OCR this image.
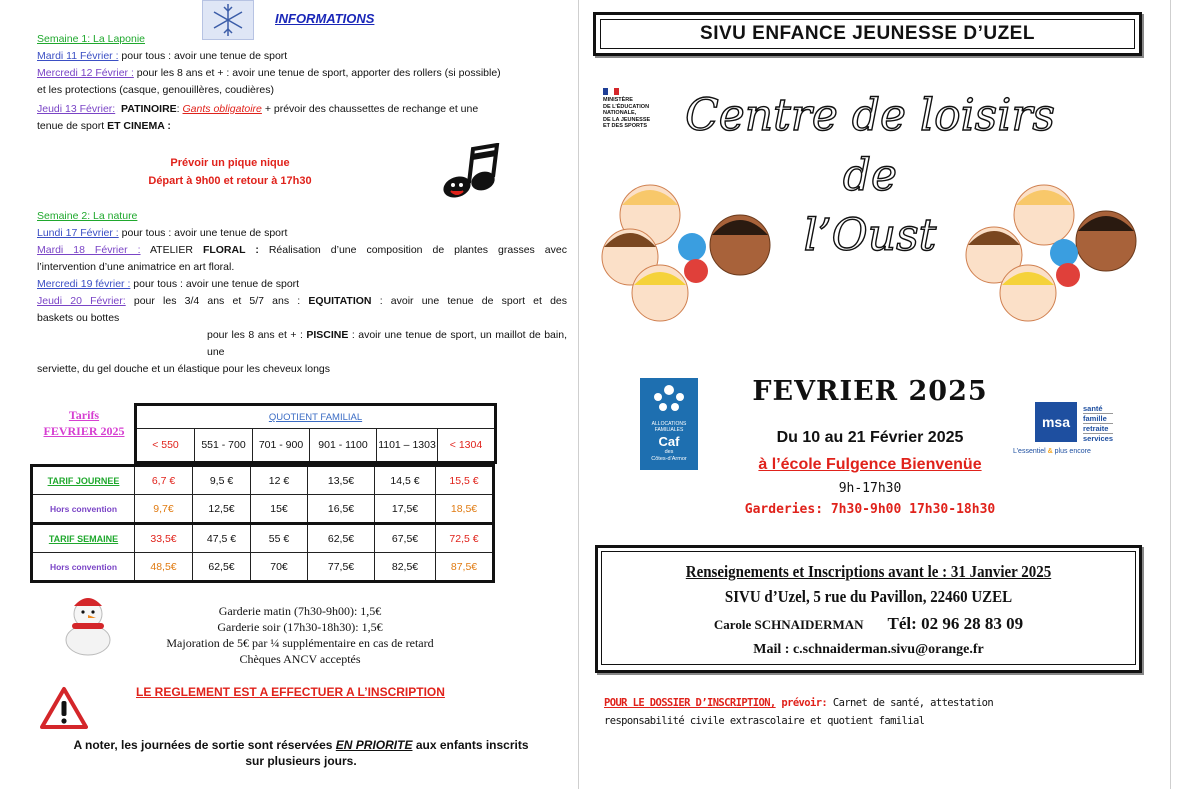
INFORMATIONS
Semaine 1: La Laponie
Mardi 11 Février : pour tous : avoir une tenue de sport
Mercredi 12 Février : pour les 8 ans et + : avoir une tenue de sport, apporter des rollers (si possible)
et les protections (casque, genouillères, coudières)
Jeudi 13 Février: PATINOIRE: Gants obligatoire + prévoir des chaussettes de rechange et une
tenue de sport ET CINEMA :
Prévoir un pique nique
Départ à 9h00 et retour à 17h30
Semaine 2: La nature
Lundi 17 Février : pour tous : avoir une tenue de sport
Mardi 18 Février : ATELIER FLORAL : Réalisation d’une composition de plantes grasses avec
l’intervention d’une animatrice en art floral.
Mercredi 19 février : pour tous : avoir une tenue de sport
Jeudi 20 Février: pour les 3/4 ans et 5/7 ans : EQUITATION : avoir une tenue de sport et des
baskets ou bottes
pour les 8 ans et + : PISCINE : avoir une tenue de sport, un maillot de bain, une
serviette, du gel douche et un élastique pour les cheveux longs
Tarifs
FEVRIER 2025
QUOTIENT FAMILIAL
< 550	551 - 700	701 - 900	901 - 1100	1101 – 1303	< 1304
TARIF JOURNEE	6,7 €	9,5 €	12 €	13,5€	14,5 €	15,5 €
Hors convention	9,7€	12,5€	15€	16,5€	17,5€	18,5€
TARIF SEMAINE	33,5€	47,5 €	55 €	62,5€	67,5€	72,5 €
Hors convention	48,5€	62,5€	70€	77,5€	82,5€	87,5€
Garderie matin (7h30-9h00): 1,5€
Garderie soir (17h30-18h30): 1,5€
Majoration de 5€ par ¼ supplémentaire en cas de retard
Chèques ANCV acceptés
LE REGLEMENT EST A EFFECTUER A L’INSCRIPTION
A noter, les journées de sortie sont réservées EN PRIORITE aux enfants inscrits
sur plusieurs jours.
SIVU ENFANCE JEUNESSE D’UZEL
MINISTÈRE
DE L’ÉDUCATION
NATIONALE,
DE LA JEUNESSE
ET DES SPORTS Centre de loisirs
de
l’Oust
ALLOCATIONS
FAMILIALES
Caf
des
Côtes-d’Armor
FEVRIER 2025
Du 10 au 21 Février 2025
à l’école Fulgence Bienvenüe
9h-17h30
Garderies: 7h30-9h00 17h30-18h30
msa
santé
famille
retraite
services
L’essentiel & plus encore
Renseignements et Inscriptions avant le : 31 Janvier 2025
SIVU d’Uzel, 5 rue du Pavillon, 22460 UZEL
Carole SCHNAIDERMAN Tél: 02 96 28 83 09
Mail : c.schnaiderman.sivu@orange.fr
POUR LE DOSSIER D’INSCRIPTION, prévoir: Carnet de santé, attestation
responsabilité civile extrascolaire et quotient familial
